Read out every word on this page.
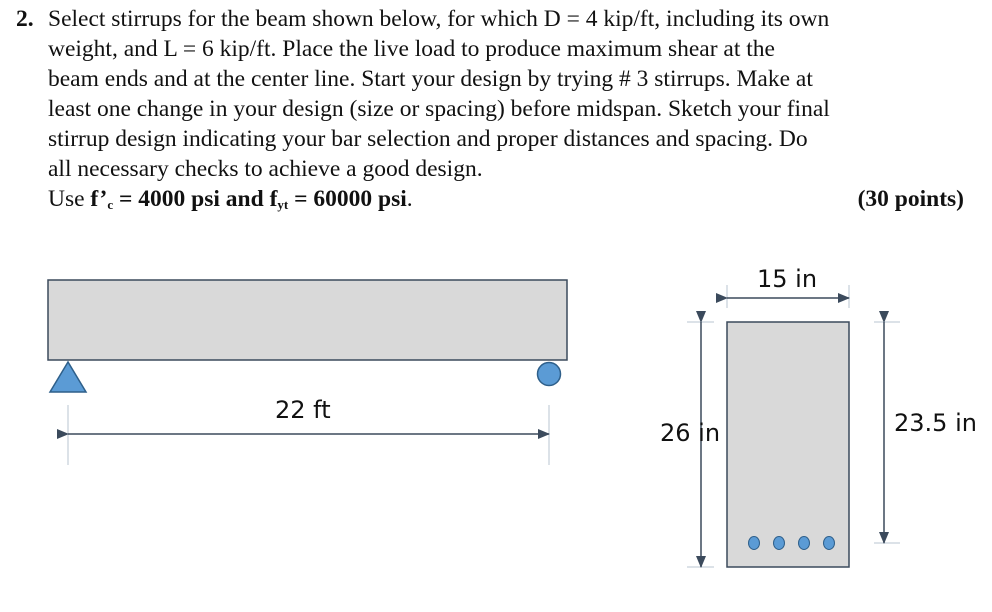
2. Select stirrups for the beam shown below, for which D = 4 kip/ft, including its own
weight, and L = 6 kip/ft. Place the live load to produce maximum shear at the
beam ends and at the center line. Start your design by trying # 3 stirrups. Make at
least one change in your design (size or spacing) before midspan. Sketch your final
stirrup design indicating your bar selection and proper distances and spacing. Do
all necessary checks to achieve a good design.
Use $f’_c = 4000$ psi and $f_{yt} = 60000$ psi.	(30 points)
22 ft
15 in
26 in	23.5 in
